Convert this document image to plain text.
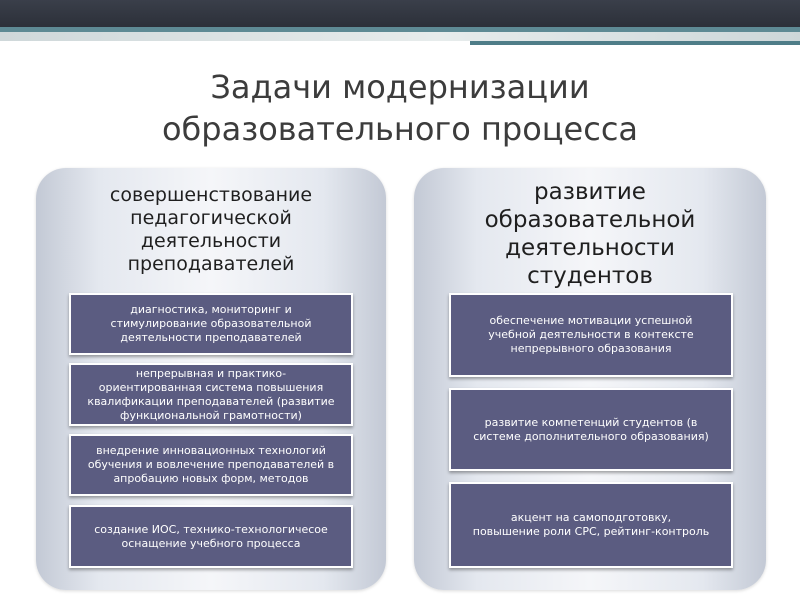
Задачи модернизации
образовательного процесса
совершенствование
педагогической
деятельности
преподавателей
диагностика, мониторинг и
стимулирование образовательной
деятельности преподавателей
непрерывная и практико-
ориентированная система повышения
квалификации преподавателей (развитие
функциональной грамотности)
внедрение инновационных технологий
обучения и вовлечение преподавателей в
апробацию новых форм, методов
создание ИОС, технико-технологичесое
оснащение учебного процесса
развитие
образовательной
деятельности
студентов
обеспечение мотивации успешной
учебной деятельности в контексте
непрерывного образования
развитие компетенций студентов (в
системе дополнительного образования)
акцент на самоподготовку,
повышение роли СРС, рейтинг-контроль
